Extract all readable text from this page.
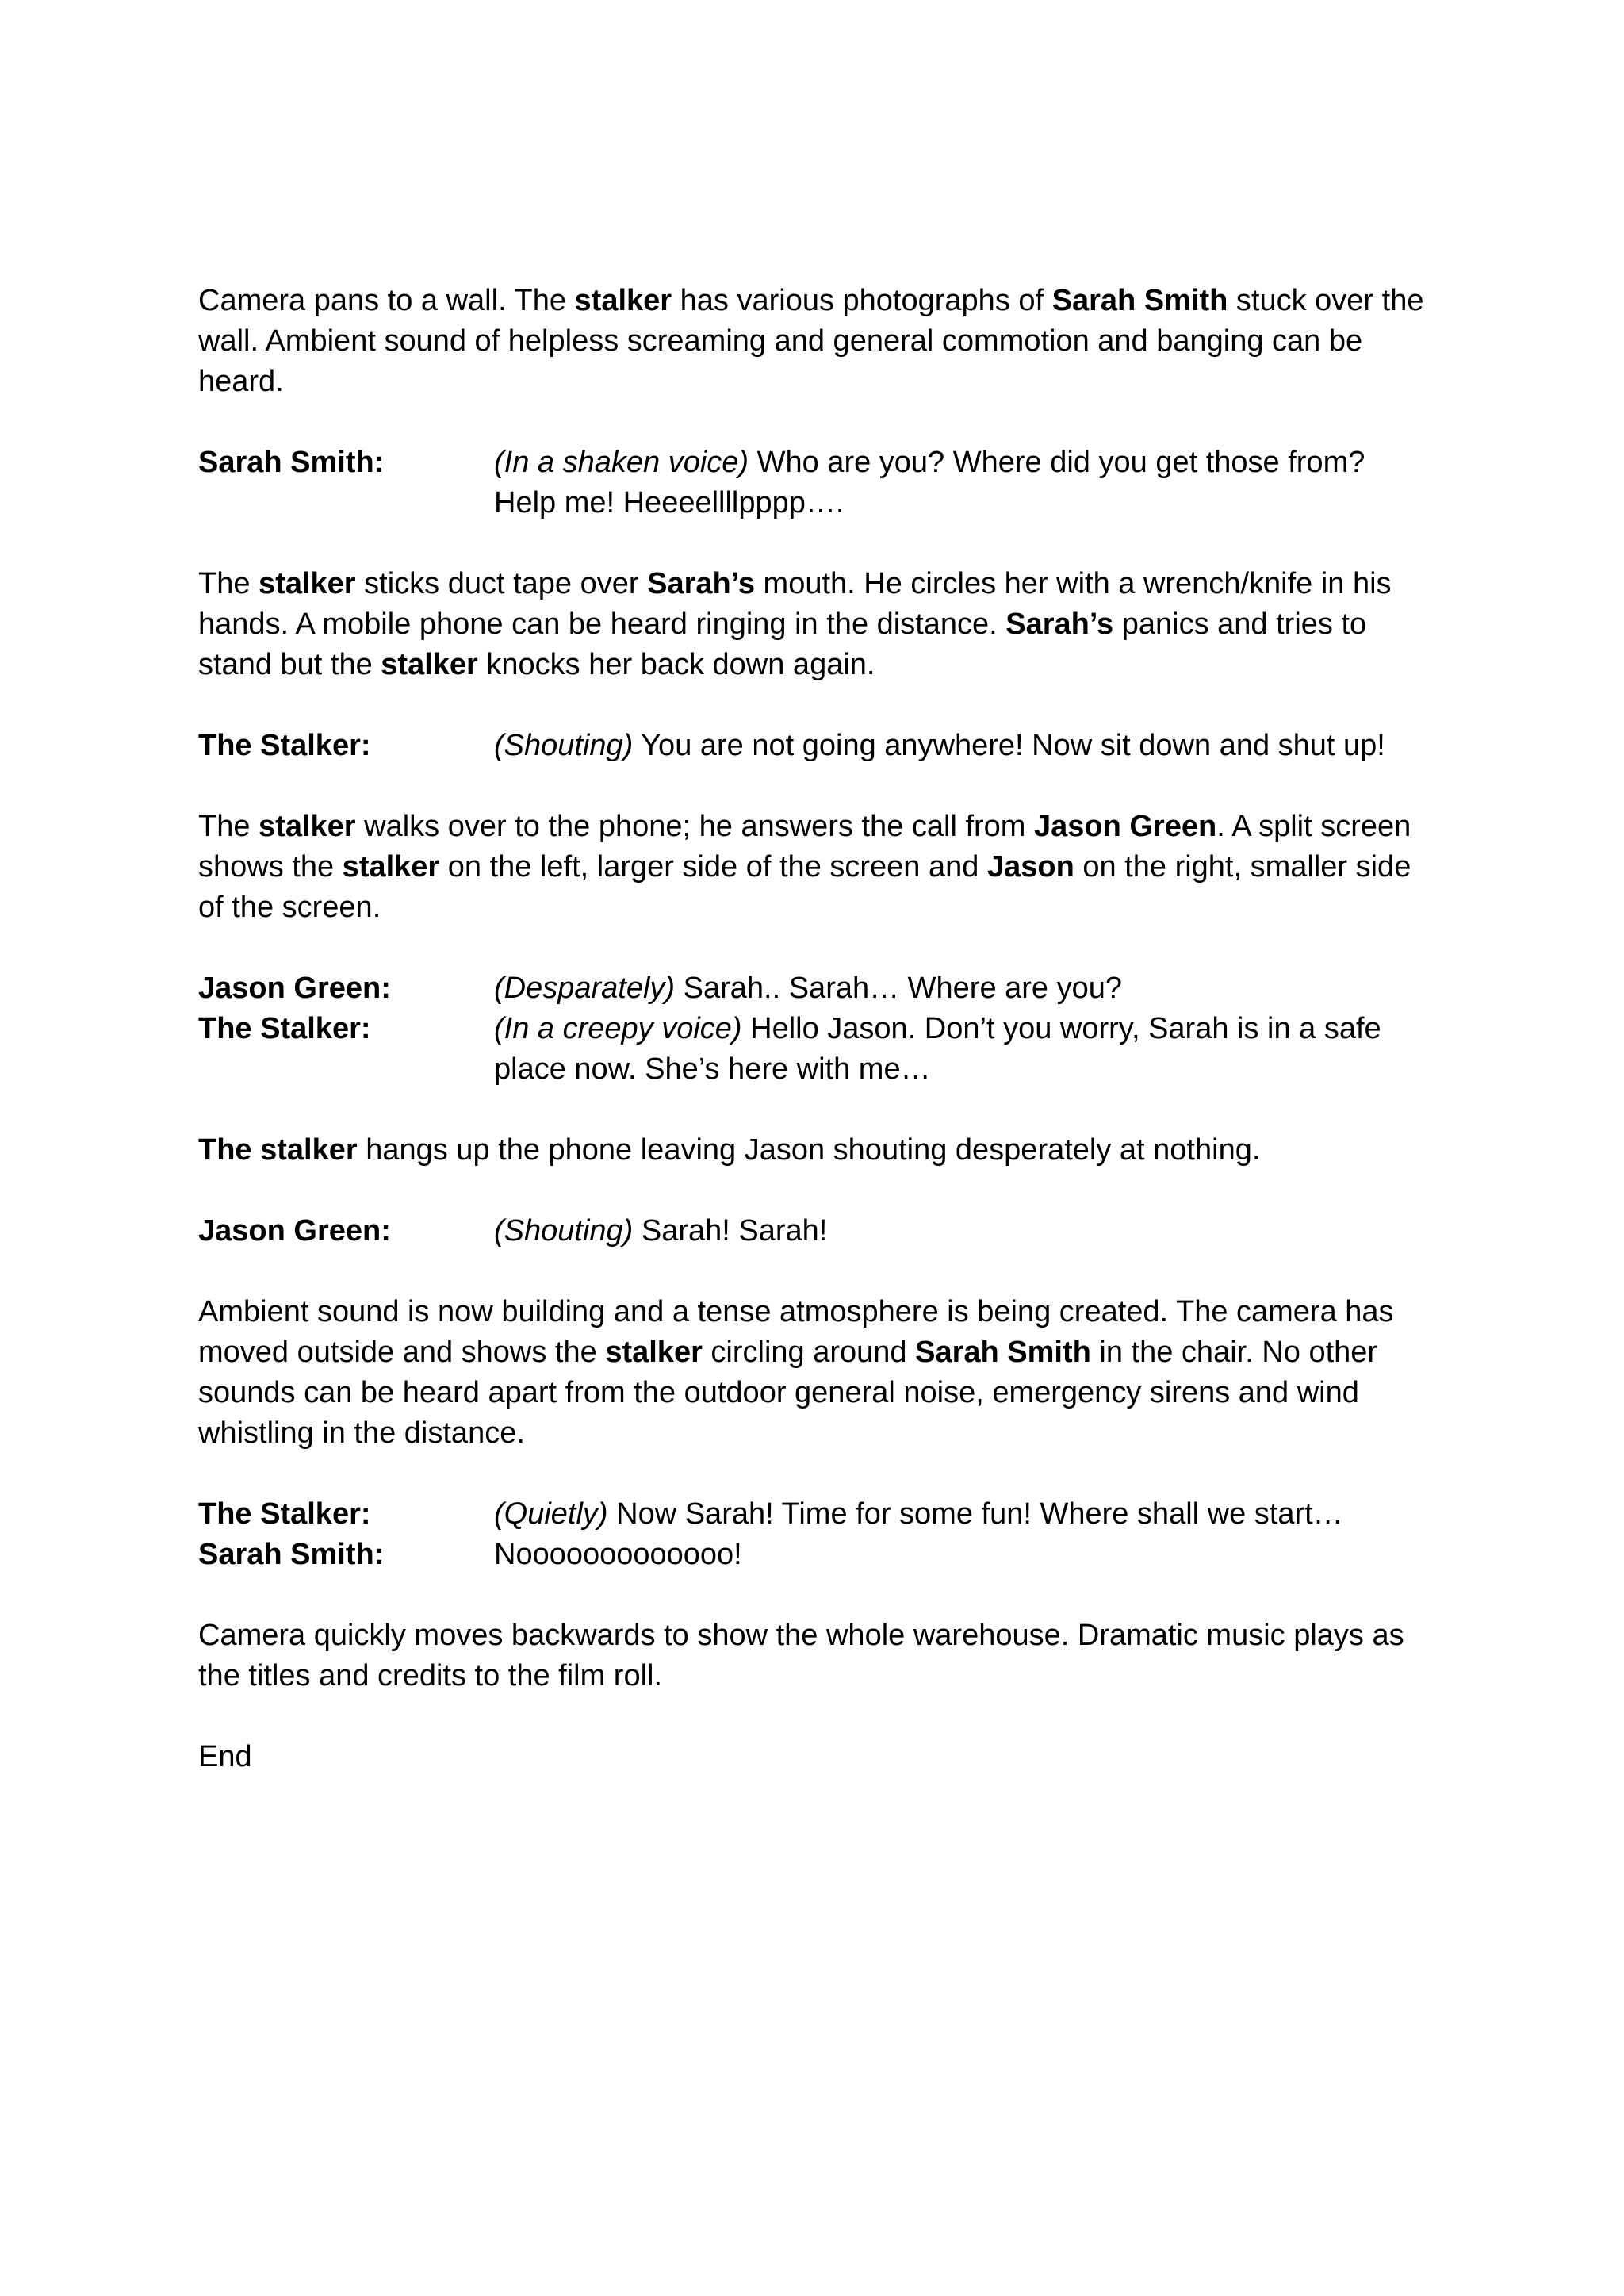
Camera pans to a wall. The stalker has various photographs of Sarah Smith stuck over the wall. Ambient sound of helpless screaming and general commotion and banging can be heard.

Sarah Smith:	(In a shaken voice) Who are you? Where did you get those from? Help me! Heeeellllpppp….

The stalker sticks duct tape over Sarah’s mouth. He circles her with a wrench/knife in his hands. A mobile phone can be heard ringing in the distance. Sarah’s panics and tries to stand but the stalker knocks her back down again.

The Stalker:	(Shouting) You are not going anywhere! Now sit down and shut up!

The stalker walks over to the phone; he answers the call from Jason Green. A split screen shows the stalker on the left, larger side of the screen and Jason on the right, smaller side of the screen.

Jason Green:	(Desparately) Sarah.. Sarah… Where are you?
The Stalker:	(In a creepy voice) Hello Jason. Don’t you worry, Sarah is in a safe place now. She’s here with me…

The stalker hangs up the phone leaving Jason shouting desperately at nothing.

Jason Green:	(Shouting) Sarah! Sarah!

Ambient sound is now building and a tense atmosphere is being created. The camera has moved outside and shows the stalker circling around Sarah Smith in the chair. No other sounds can be heard apart from the outdoor general noise, emergency sirens and wind whistling in the distance.

The Stalker:	(Quietly) Now Sarah! Time for some fun! Where shall we start…
Sarah Smith:	Nooooooooooooo!

Camera quickly moves backwards to show the whole warehouse. Dramatic music plays as the titles and credits to the film roll.

End
